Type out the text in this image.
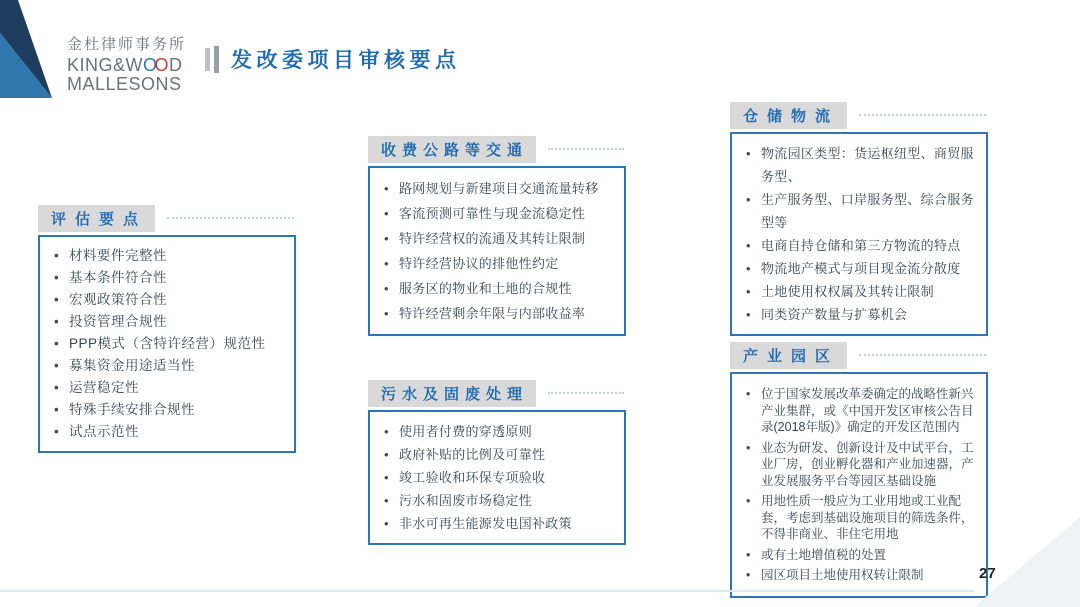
金杜律师事务所
KING&WOOD
MALLESONS
发改委项目审核要点
评估要点
• 材料要件完整性
• 基本条件符合性
• 宏观政策符合性
• 投资管理合规性
• PPP模式（含特许经营）规范性
• 募集资金用途适当性
• 运营稳定性
• 特殊手续安排合规性
• 试点示范性
收费公路等交通
• 路网规划与新建项目交通流量转移
• 客流预测可靠性与现金流稳定性
• 特许经营权的流通及其转让限制
• 特许经营协议的排他性约定
• 服务区的物业和土地的合规性
• 特许经营剩余年限与内部收益率
污水及固废处理
• 使用者付费的穿透原则
• 政府补贴的比例及可靠性
• 竣工验收和环保专项验收
• 污水和固废市场稳定性
• 非水可再生能源发电国补政策
仓储物流
• 物流园区类型：货运枢纽型、商贸服务型、
• 生产服务型、口岸服务型、综合服务型等
• 电商自持仓储和第三方物流的特点
• 物流地产模式与项目现金流分散度
• 土地使用权权属及其转让限制
• 同类资产数量与扩募机会
产业园区
• 位于国家发展改革委确定的战略性新兴产业集群，或《中国开发区审核公告目录(2018年版)》确定的开发区范围内
• 业态为研发、创新设计及中试平台，工业厂房，创业孵化器和产业加速器，产业发展服务平台等园区基础设施
• 用地性质一般应为工业用地或工业配套，考虑到基础设施项目的筛选条件，不得非商业、非住宅用地
• 或有土地增值税的处置
• 园区项目土地使用权转让限制	27
